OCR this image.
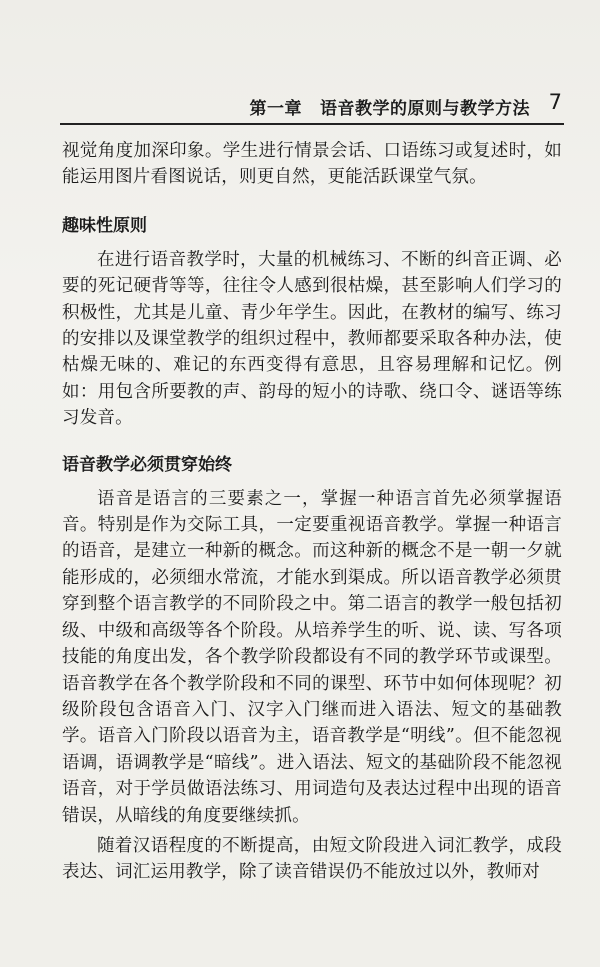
第一章 语音教学的原则与教学方法 7

视觉角度加深印象。学生进行情景会话、口语练习或复述时，如能运用图片看图说话，则更自然，更能活跃课堂气氛。

趣味性原则

在进行语音教学时，大量的机械练习、不断的纠音正调、必要的死记硬背等等，往往令人感到很枯燥，甚至影响人们学习的积极性，尤其是儿童、青少年学生。因此，在教材的编写、练习的安排以及课堂教学的组织过程中，教师都要采取各种办法，使枯燥无味的、难记的东西变得有意思，且容易理解和记忆。例如：用包含所要教的声、韵母的短小的诗歌、绕口令、谜语等练习发音。

语音教学必须贯穿始终

语音是语言的三要素之一，掌握一种语言首先必须掌握语音。特别是作为交际工具，一定要重视语音教学。掌握一种语言的语音，是建立一种新的概念。而这种新的概念不是一朝一夕就能形成的，必须细水常流，才能水到渠成。所以语音教学必须贯穿到整个语言教学的不同阶段之中。第二语言的教学一般包括初级、中级和高级等各个阶段。从培养学生的听、说、读、写各项技能的角度出发，各个教学阶段都设有不同的教学环节或课型。语音教学在各个教学阶段和不同的课型、环节中如何体现呢？初级阶段包含语音入门、汉字入门继而进入语法、短文的基础教学。语音入门阶段以语音为主，语音教学是“明线”。但不能忽视语调，语调教学是“暗线”。进入语法、短文的基础阶段不能忽视语音，对于学员做语法练习、用词造句及表达过程中出现的语音错误，从暗线的角度要继续抓。

随着汉语程度的不断提高，由短文阶段进入词汇教学，成段表达、词汇运用教学，除了读音错误仍不能放过以外，教师对
